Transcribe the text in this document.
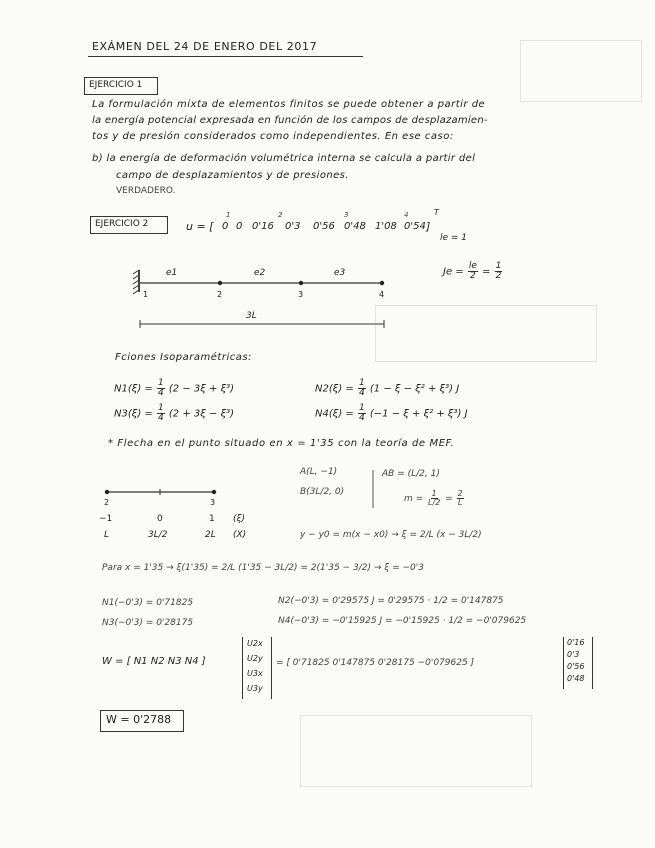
EXÁMEN DEL 24 DE ENERO DEL 2017
EJERCICIO 1
La formulación mixta de elementos finitos se puede obtener a partir de
la energía potencial expresada en función de los campos de desplazamien-
tos y de presión considerados como independientes. En ese caso:
b) la energía de deformación volumétrica interna se calcula a partir del
campo de desplazamientos y de presiones.
VERDADERO.
EJERCICIO 2	u = [ 0 0 0'16 0'3 0'56 0'48 1'08 0'54 ]
T
1	2	3	4
le = 1
$Je = \frac{le}{2} = \frac{1}{2}$
e1	e2	e3
1	2	3	4
3L
Fciones Isoparamétricas:
$N1(\xi) = \frac{1}{4} (2 - 3\xi + \xi^3)$	$N2(\xi) = \frac{1}{4} (1 - \xi - \xi^2 + \xi^3)$ J
$N3(\xi) = \frac{1}{4} (2 + 3\xi - \xi^3)$	$N4(\xi) = \frac{1}{4} (-1 - \xi + \xi^2 + \xi^3)$ J
* Flecha en el punto situado en x = 1'35 con la teoría de MEF.
A(L, −1)
B(3L/2, 0)
AB = (L/2, 1)
$m = \frac{1}{L/2} = \frac{2}{L}$
2	3
−1	0	1 (ξ)
L	3L/2	2L (X)	y − y0 = m(x − x0) → ξ = 2/L (x − 3L/2)
Para x = 1'35 → ξ(1'35) = 2/L (1'35 − 3L/2) = 2(1'35 − 3/2) → ξ = −0'3
N1(−0'3) = 0'71825	N2(−0'3) = 0'29575 J = 0'29575 · 1/2 = 0'147875
N3(−0'3) = 0'28175	N4(−0'3) = −0'15925 J = −0'15925 · 1/2 = −0'079625
W = [ N1 N2 N3 N4 ]
U2x
U2y
U3x
U3y
= [ 0'71825 0'147875 0'28175 −0'079625 ]
0'16
0'3
0'56
0'48
W = 0'2788
